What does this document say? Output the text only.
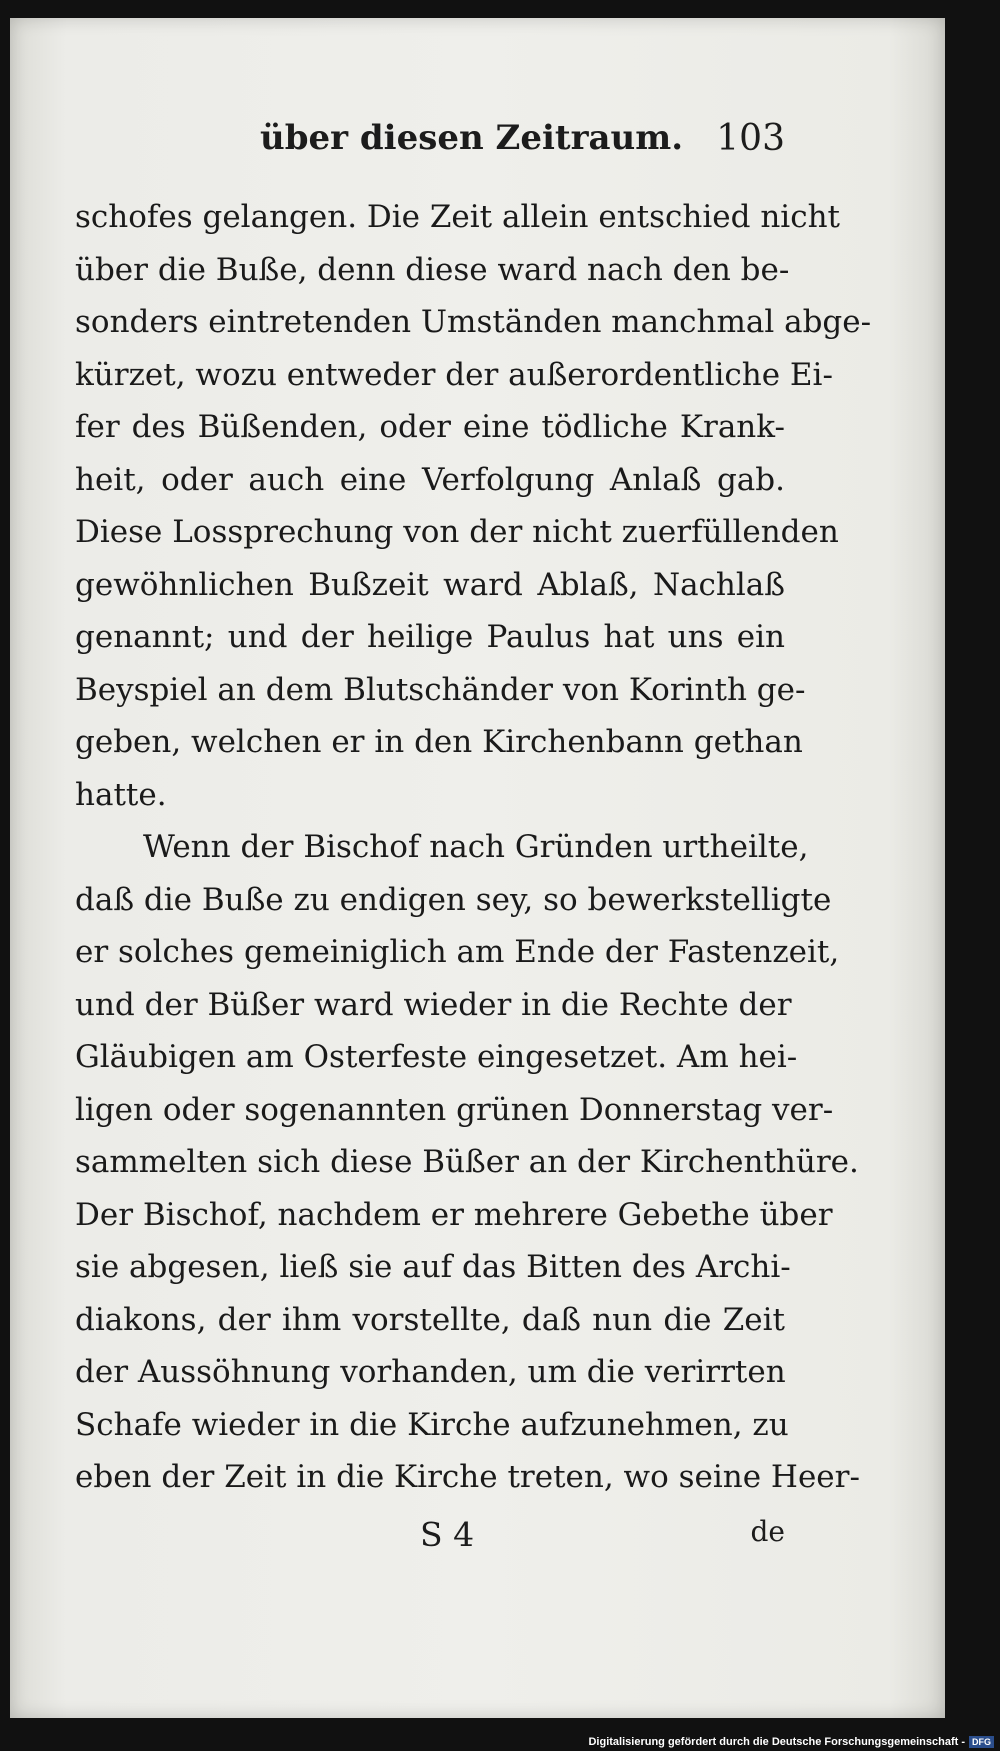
über diesen Zeitraum. 103
schofes gelangen. Die Zeit allein entschied nicht
über die Buße, denn diese ward nach den be-
sonders eintretenden Umständen manchmal abge-
kürzet, wozu entweder der außerordentliche Ei-
fer des Büßenden, oder eine tödliche Krank-
heit, oder auch eine Verfolgung Anlaß gab.
Diese Lossprechung von der nicht zuerfüllenden
gewöhnlichen Bußzeit ward Ablaß, Nachlaß
genannt; und der heilige Paulus hat uns ein
Beyspiel an dem Blutschänder von Korinth ge-
geben, welchen er in den Kirchenbann gethan
hatte.
Wenn der Bischof nach Gründen urtheilte,
daß die Buße zu endigen sey, so bewerkstelligte
er solches gemeiniglich am Ende der Fastenzeit,
und der Büßer ward wieder in die Rechte der
Gläubigen am Osterfeste eingesetzet. Am hei-
ligen oder sogenannten grünen Donnerstag ver-
sammelten sich diese Büßer an der Kirchenthüre.
Der Bischof, nachdem er mehrere Gebethe über
sie abgesen, ließ sie auf das Bitten des Archi-
diakons, der ihm vorstellte, daß nun die Zeit
der Aussöhnung vorhanden, um die verirrten
Schafe wieder in die Kirche aufzunehmen, zu
eben der Zeit in die Kirche treten, wo seine Heer-
S 4	de
Digitalisierung gefördert durch die Deutsche Forschungsgemeinschaft - DFG
